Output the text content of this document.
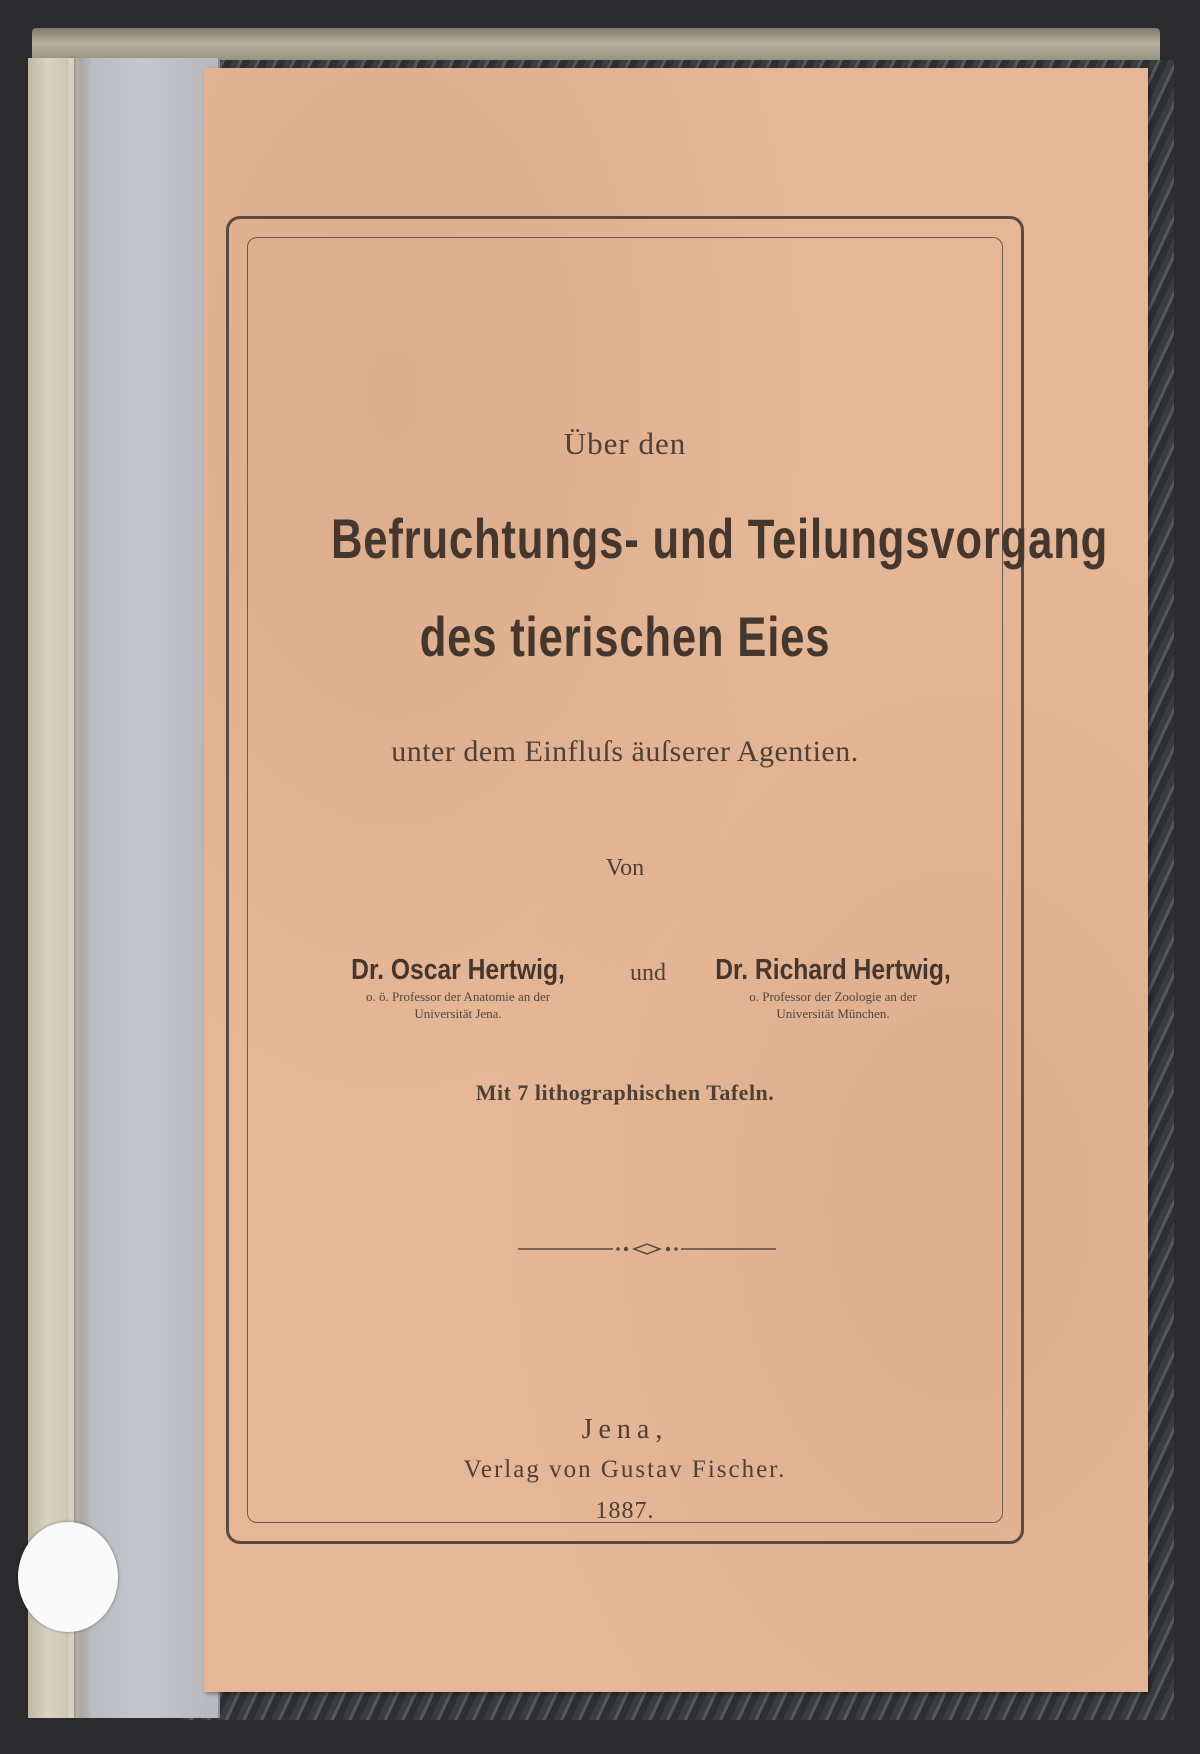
Über den
Befruchtungs- und Teilungsvorgang
des tierischen Eies
unter dem Einfluſs äuſserer Agentien.
Von
Dr. Oscar Hertwig,
o. ö. Professor der Anatomie an der
Universität Jena.
und	Dr. Richard Hertwig,
o. Professor der Zoologie an der
Universität München.
Mit 7 lithographischen Tafeln.
Jena,
Verlag von Gustav Fischer.
1887.
